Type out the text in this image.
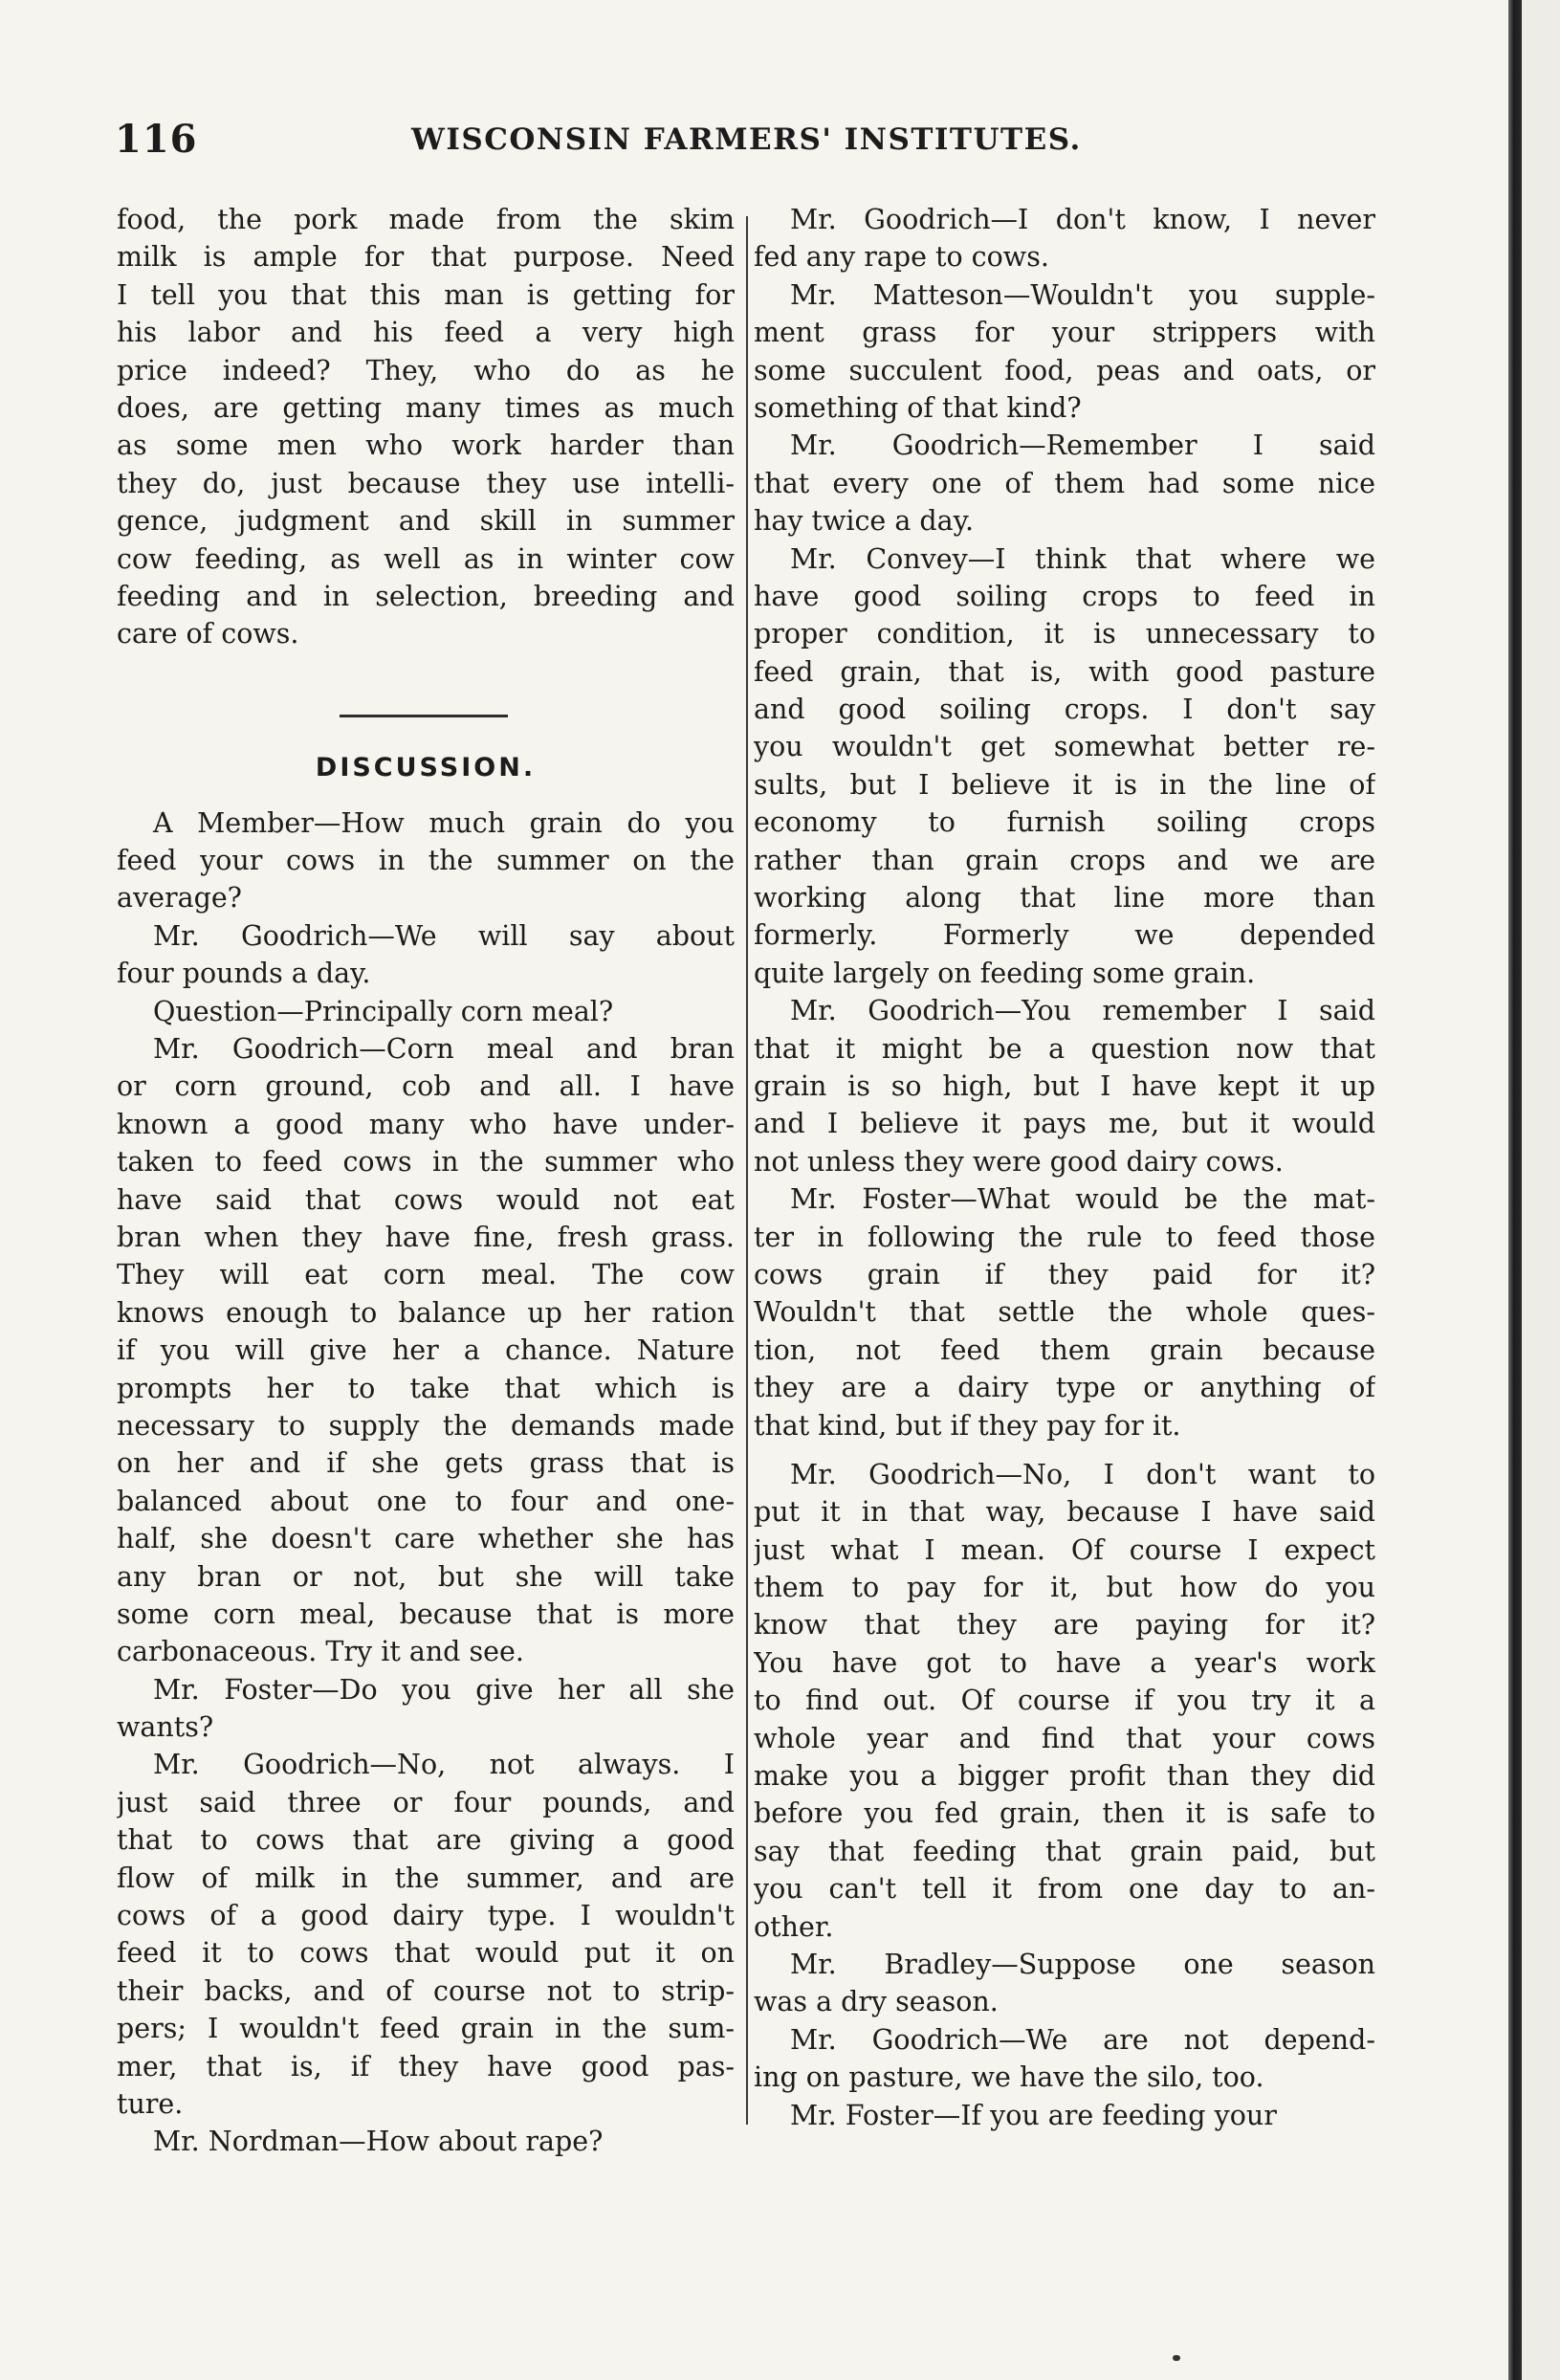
116	WISCONSIN FARMERS' INSTITUTES.
food, the pork made from the skim
milk is ample for that purpose. Need
I tell you that this man is getting for
his labor and his feed a very high
price indeed? They, who do as he
does, are getting many times as much
as some men who work harder than
they do, just because they use intelli-
gence, judgment and skill in summer
cow feeding, as well as in winter cow
feeding and in selection, breeding and
care of cows.
DISCUSSION.
A Member—How much grain do you
feed your cows in the summer on the
average?
Mr. Goodrich—We will say about
four pounds a day.
Question—Principally corn meal?
Mr. Goodrich—Corn meal and bran
or corn ground, cob and all. I have
known a good many who have under-
taken to feed cows in the summer who
have said that cows would not eat
bran when they have fine, fresh grass.
They will eat corn meal. The cow
knows enough to balance up her ration
if you will give her a chance. Nature
prompts her to take that which is
necessary to supply the demands made
on her and if she gets grass that is
balanced about one to four and one-
half, she doesn't care whether she has
any bran or not, but she will take
some corn meal, because that is more
carbonaceous. Try it and see.
Mr. Foster—Do you give her all she
wants?
Mr. Goodrich—No, not always. I
just said three or four pounds, and
that to cows that are giving a good
flow of milk in the summer, and are
cows of a good dairy type. I wouldn't
feed it to cows that would put it on
their backs, and of course not to strip-
pers; I wouldn't feed grain in the sum-
mer, that is, if they have good pas-
ture.
Mr. Nordman—How about rape?
Mr. Goodrich—I don't know, I never
fed any rape to cows.
Mr. Matteson—Wouldn't you supple-
ment grass for your strippers with
some succulent food, peas and oats, or
something of that kind?
Mr. Goodrich—Remember I said
that every one of them had some nice
hay twice a day.
Mr. Convey—I think that where we
have good soiling crops to feed in
proper condition, it is unnecessary to
feed grain, that is, with good pasture
and good soiling crops. I don't say
you wouldn't get somewhat better re-
sults, but I believe it is in the line of
economy to furnish soiling crops
rather than grain crops and we are
working along that line more than
formerly. Formerly we depended
quite largely on feeding some grain.
Mr. Goodrich—You remember I said
that it might be a question now that
grain is so high, but I have kept it up
and I believe it pays me, but it would
not unless they were good dairy cows.
Mr. Foster—What would be the mat-
ter in following the rule to feed those
cows grain if they paid for it?
Wouldn't that settle the whole ques-
tion, not feed them grain because
they are a dairy type or anything of
that kind, but if they pay for it.
Mr. Goodrich—No, I don't want to
put it in that way, because I have said
just what I mean. Of course I expect
them to pay for it, but how do you
know that they are paying for it?
You have got to have a year's work
to find out. Of course if you try it a
whole year and find that your cows
make you a bigger profit than they did
before you fed grain, then it is safe to
say that feeding that grain paid, but
you can't tell it from one day to an-
other.
Mr. Bradley—Suppose one season
was a dry season.
Mr. Goodrich—We are not depend-
ing on pasture, we have the silo, too.
Mr. Foster—If you are feeding your
